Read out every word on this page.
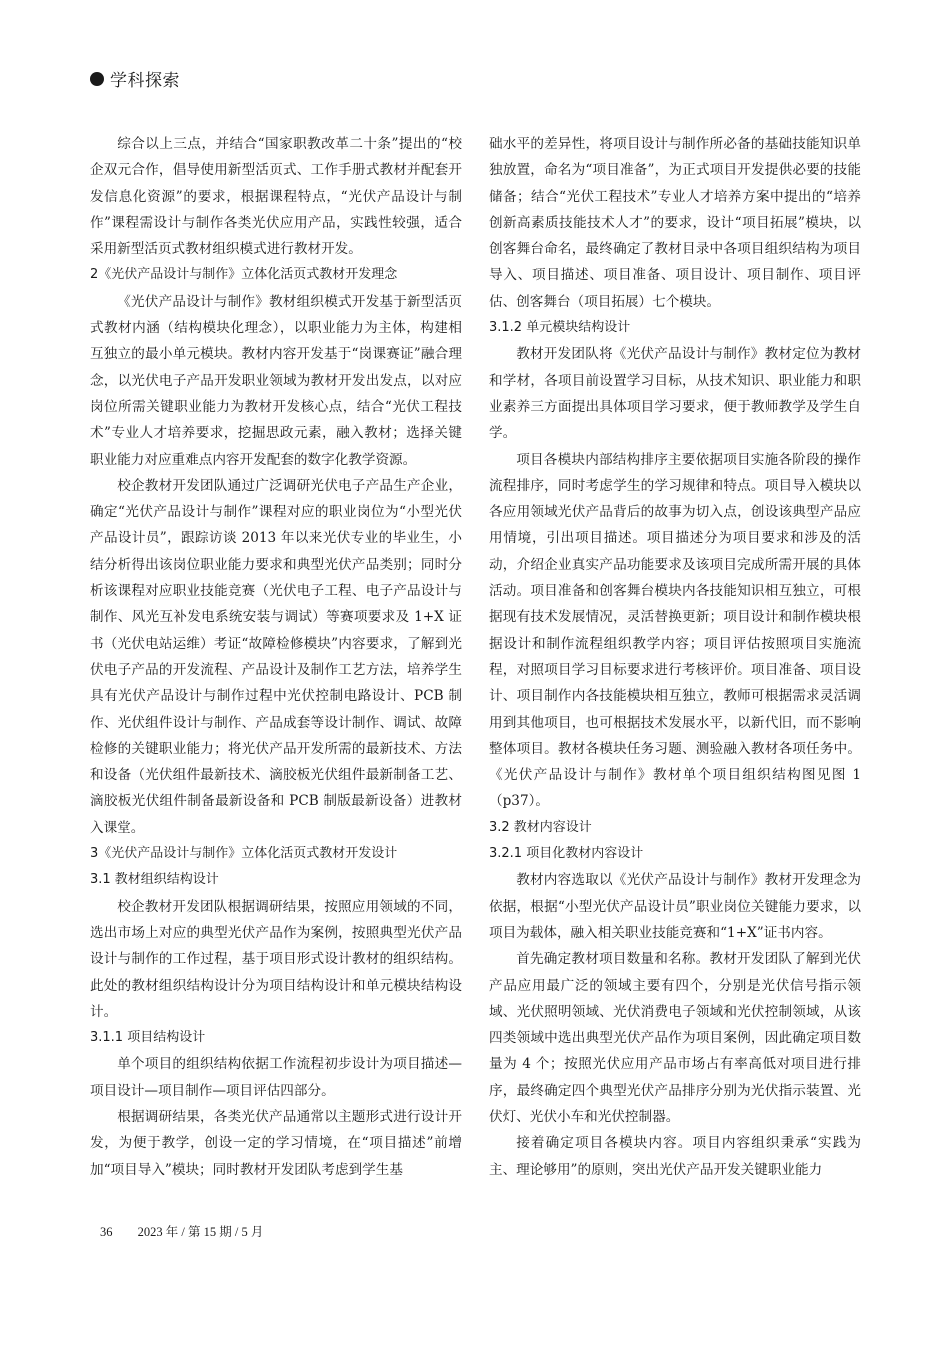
学科探索

综合以上三点，并结合“国家职教改革二十条”提出的“校企双元合作，倡导使用新型活页式、工作手册式教材并配套开发信息化资源”的要求，根据课程特点，“光伏产品设计与制作”课程需设计与制作各类光伏应用产品，实践性较强，适合采用新型活页式教材组织模式进行教材开发。

2《光伏产品设计与制作》立体化活页式教材开发理念

《光伏产品设计与制作》教材组织模式开发基于新型活页式教材内涵（结构模块化理念），以职业能力为主体，构建相互独立的最小单元模块。教材内容开发基于“岗课赛证”融合理念，以光伏电子产品开发职业领域为教材开发出发点，以对应岗位所需关键职业能力为教材开发核心点，结合“光伏工程技术”专业人才培养要求，挖掘思政元素，融入教材；选择关键职业能力对应重难点内容开发配套的数字化教学资源。

校企教材开发团队通过广泛调研光伏电子产品生产企业，确定“光伏产品设计与制作”课程对应的职业岗位为“小型光伏产品设计员”，跟踪访谈 2013 年以来光伏专业的毕业生，小结分析得出该岗位职业能力要求和典型光伏产品类别；同时分析该课程对应职业技能竞赛（光伏电子工程、电子产品设计与制作、风光互补发电系统安装与调试）等赛项要求及 1+X 证书（光伏电站运维）考证“故障检修模块”内容要求，了解到光伏电子产品的开发流程、产品设计及制作工艺方法，培养学生具有光伏产品设计与制作过程中光伏控制电路设计、PCB 制作、光伏组件设计与制作、产品成套等设计制作、调试、故障检修的关键职业能力；将光伏产品开发所需的最新技术、方法和设备（光伏组件最新技术、滴胶板光伏组件最新制备工艺、滴胶板光伏组件制备最新设备和 PCB 制版最新设备）进教材入课堂。

3《光伏产品设计与制作》立体化活页式教材开发设计

3.1 教材组织结构设计

校企教材开发团队根据调研结果，按照应用领域的不同，选出市场上对应的典型光伏产品作为案例，按照典型光伏产品设计与制作的工作过程，基于项目形式设计教材的组织结构。此处的教材组织结构设计分为项目结构设计和单元模块结构设计。

3.1.1 项目结构设计

单个项目的组织结构依据工作流程初步设计为项目描述—项目设计—项目制作—项目评估四部分。

根据调研结果，各类光伏产品通常以主题形式进行设计开发，为便于教学，创设一定的学习情境，在“项目描述”前增加“项目导入”模块；同时教材开发团队考虑到学生基

础水平的差异性，将项目设计与制作所必备的基础技能知识单独放置，命名为“项目准备”，为正式项目开发提供必要的技能储备；结合“光伏工程技术”专业人才培养方案中提出的“培养创新高素质技能技术人才”的要求，设计“项目拓展”模块，以创客舞台命名，最终确定了教材目录中各项目组织结构为项目导入、项目描述、项目准备、项目设计、项目制作、项目评估、创客舞台（项目拓展）七个模块。

3.1.2 单元模块结构设计

教材开发团队将《光伏产品设计与制作》教材定位为教材和学材，各项目前设置学习目标，从技术知识、职业能力和职业素养三方面提出具体项目学习要求，便于教师教学及学生自学。

项目各模块内部结构排序主要依据项目实施各阶段的操作流程排序，同时考虑学生的学习规律和特点。项目导入模块以各应用领域光伏产品背后的故事为切入点，创设该典型产品应用情境，引出项目描述。项目描述分为项目要求和涉及的活动，介绍企业真实产品功能要求及该项目完成所需开展的具体活动。项目准备和创客舞台模块内各技能知识相互独立，可根据现有技术发展情况，灵活替换更新；项目设计和制作模块根据设计和制作流程组织教学内容；项目评估按照项目实施流程，对照项目学习目标要求进行考核评价。项目准备、项目设计、项目制作内各技能模块相互独立，教师可根据需求灵活调用到其他项目，也可根据技术发展水平，以新代旧，而不影响整体项目。教材各模块任务习题、测验融入教材各项任务中。《光伏产品设计与制作》教材单个项目组织结构图见图 1（p37）。

3.2 教材内容设计

3.2.1 项目化教材内容设计

教材内容选取以《光伏产品设计与制作》教材开发理念为依据，根据“小型光伏产品设计员”职业岗位关键能力要求，以项目为载体，融入相关职业技能竞赛和“1+X”证书内容。

首先确定教材项目数量和名称。教材开发团队了解到光伏产品应用最广泛的领域主要有四个，分别是光伏信号指示领域、光伏照明领域、光伏消费电子领域和光伏控制领域，从该四类领域中选出典型光伏产品作为项目案例，因此确定项目数量为 4 个；按照光伏应用产品市场占有率高低对项目进行排序，最终确定四个典型光伏产品排序分别为光伏指示装置、光伏灯、光伏小车和光伏控制器。

接着确定项目各模块内容。项目内容组织秉承“实践为主、理论够用”的原则，突出光伏产品开发关键职业能力

36 2023 年 / 第 15 期 / 5 月
